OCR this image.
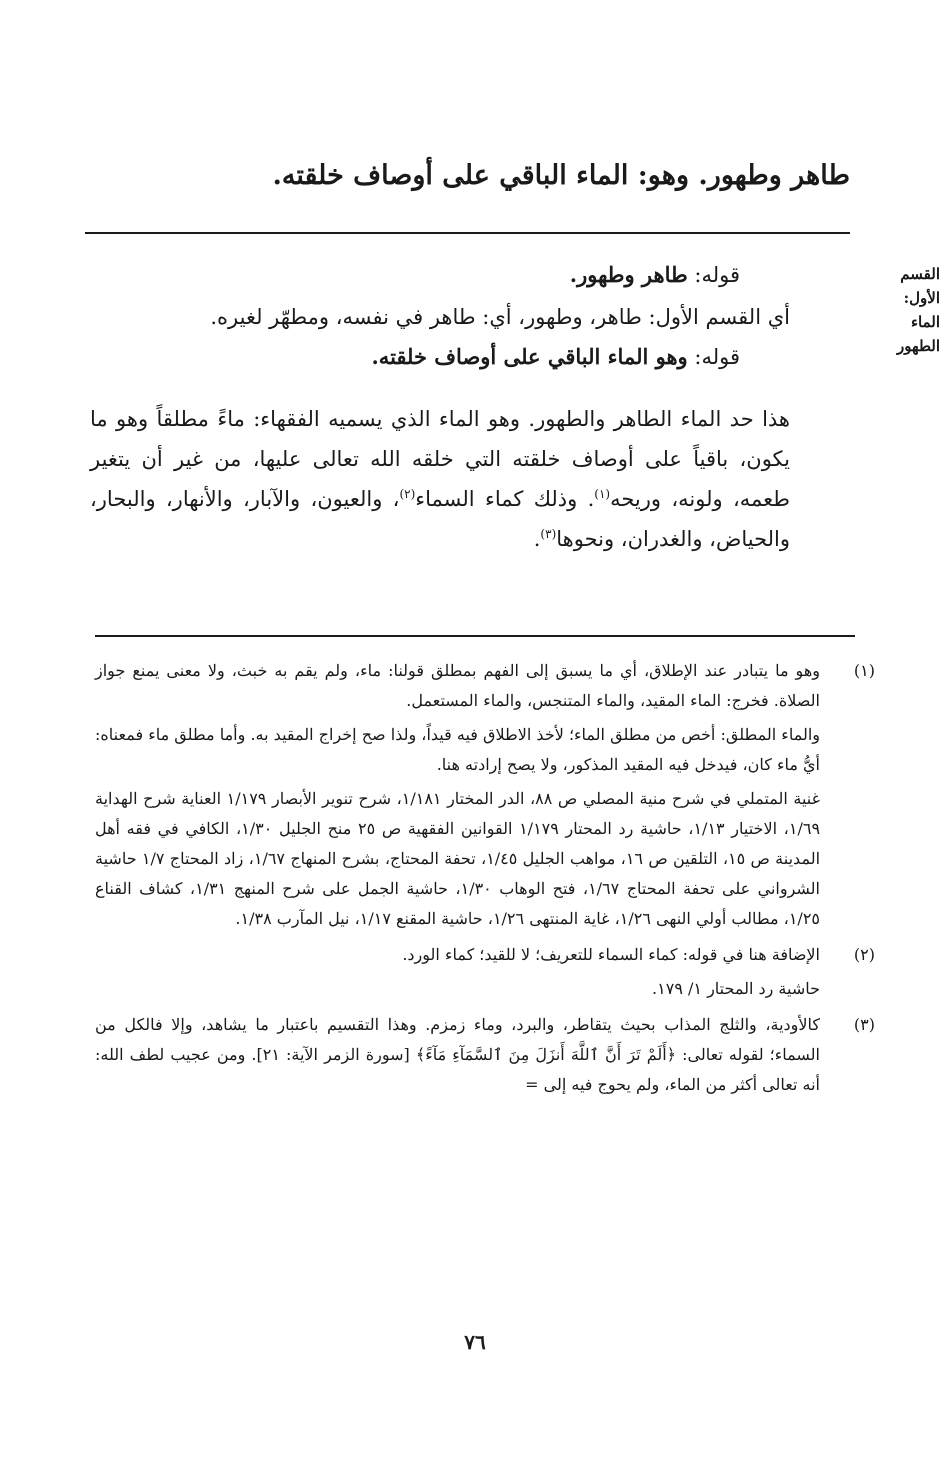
طاهر وطهور. وهو: الماء الباقي على أوصاف خلقته.
القسم
الأول:
الماء
الطهور

قوله: طاهر وطهور.

أي القسم الأول: طاهر، وطهور، أي: طاهر في نفسه، ومطهّر لغيره.

قوله: وهو الماء الباقي على أوصاف خلقته.

هذا حد الماء الطاهر والطهور. وهو الماء الذي يسميه الفقهاء: ماءً مطلقاً وهو ما يكون، باقياً على أوصاف خلقته التي خلقه الله تعالى عليها، من غير أن يتغير طعمه، ولونه، وريحه$^{(١)}$. وذلك كماء السماء$^{(٢)}$، والعيون، والآبار، والأنهار، والبحار، والحياض، والغدران، ونحوها$^{(٣)}$.

(١)
وهو ما يتبادر عند الإطلاق، أي ما يسبق إلى الفهم بمطلق قولنا: ماء، ولم يقم به خبث، ولا معنى يمنع جواز الصلاة. فخرج: الماء المقيد، والماء المتنجس، والماء المستعمل.
والماء المطلق: أخص من مطلق الماء؛ لأخذ الاطلاق فيه قيداً، ولذا صح إخراج المقيد به. وأما مطلق ماء فمعناه: أيُّ ماء كان، فيدخل فيه المقيد المذكور، ولا يصح إرادته هنا.
غنية المتملي في شرح منية المصلي ص ٨٨، الدر المختار ١/١٨١، شرح تنوير الأبصار ١/١٧٩ العناية شرح الهداية ١/٦٩، الاختيار ١/١٣، حاشية رد المحتار ١/١٧٩ القوانين الفقهية ص ٢٥ منح الجليل ١/٣٠، الكافي في فقه أهل المدينة ص ١٥، التلقين ص ١٦، مواهب الجليل ١/٤٥، تحفة المحتاج، بشرح المنهاج ١/٦٧، زاد المحتاج ١/٧ حاشية الشرواني على تحفة المحتاج ١/٦٧، فتح الوهاب ١/٣٠، حاشية الجمل على شرح المنهج ١/٣١، كشاف القناع ١/٢٥، مطالب أولي النهى ١/٢٦، غاية المنتهى ١/٢٦، حاشية المقنع ١/١٧، نيل المآرب ١/٣٨.
(٢)
الإضافة هنا في قوله: كماء السماء للتعريف؛ لا للقيد؛ كماء الورد.
حاشية رد المحتار ١/ ١٧٩.
(٣)
كالأودية، والثلج المذاب بحيث يتقاطر، والبرد، وماء زمزم. وهذا التقسيم باعتبار ما يشاهد، وإلا فالكل من السماء؛ لقوله تعالى: ﴿أَلَمْ تَرَ أَنَّ ٱللَّهَ أَنزَلَ مِنَ ٱلسَّمَآءِ مَآءً﴾ [سورة الزمر الآية: ٢١]. ومن عجيب لطف الله: أنه تعالى أكثر من الماء، ولم يحوج فيه إلى =
٧٦
